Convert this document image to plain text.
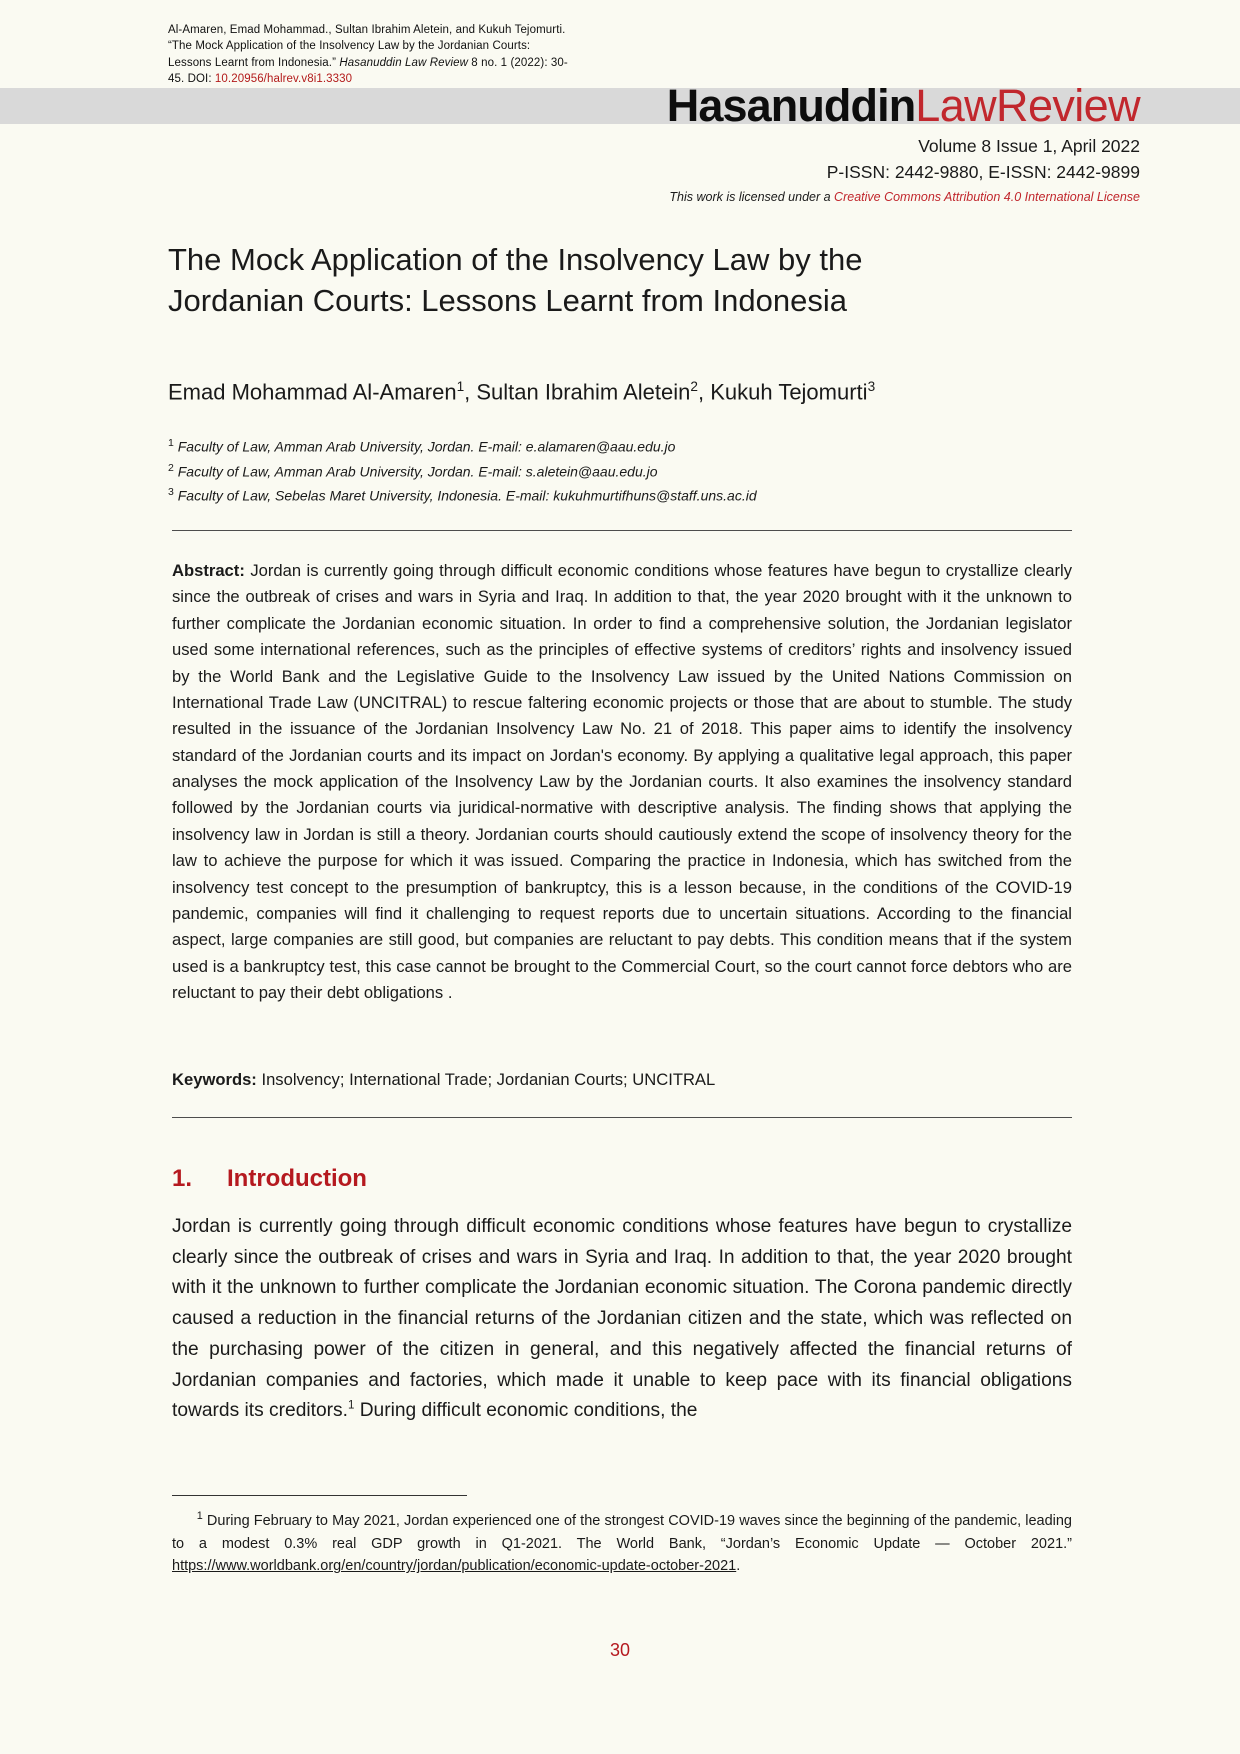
Al-Amaren, Emad Mohammad., Sultan Ibrahim Aletein, and Kukuh Tejomurti.
“The Mock Application of the Insolvency Law by the Jordanian Courts:
Lessons Learnt from Indonesia.” Hasanuddin Law Review 8 no. 1 (2022): 30-
45. DOI: 10.20956/halrev.v8i1.3330
HasanuddinLawReview
Volume 8 Issue 1, April 2022
P-ISSN: 2442-9880, E-ISSN: 2442-9899
This work is licensed under a Creative Commons Attribution 4.0 International License
The Mock Application of the Insolvency Law by the
Jordanian Courts: Lessons Learnt from Indonesia
Emad Mohammad Al-Amaren$^1$, Sultan Ibrahim Aletein$^2$, Kukuh Tejomurti$^3$
$^1$ Faculty of Law, Amman Arab University, Jordan. E-mail: e.alamaren@aau.edu.jo
$^2$ Faculty of Law, Amman Arab University, Jordan. E-mail: s.aletein@aau.edu.jo
$^3$ Faculty of Law, Sebelas Maret University, Indonesia. E-mail: kukuhmurtifhuns@staff.uns.ac.id
Abstract: Jordan is currently going through difficult economic conditions whose features have begun to crystallize clearly since the outbreak of crises and wars in Syria and Iraq. In addition to that, the year 2020 brought with it the unknown to further complicate the Jordanian economic situation. In order to find a comprehensive solution, the Jordanian legislator used some international references, such as the principles of effective systems of creditors’ rights and insolvency issued by the World Bank and the Legislative Guide to the Insolvency Law issued by the United Nations Commission on International Trade Law (UNCITRAL) to rescue faltering economic projects or those that are about to stumble. The study resulted in the issuance of the Jordanian Insolvency Law No. 21 of 2018. This paper aims to identify the insolvency standard of the Jordanian courts and its impact on Jordan's economy. By applying a qualitative legal approach, this paper analyses the mock application of the Insolvency Law by the Jordanian courts. It also examines the insolvency standard followed by the Jordanian courts via juridical-normative with descriptive analysis. The finding shows that applying the insolvency law in Jordan is still a theory. Jordanian courts should cautiously extend the scope of insolvency theory for the law to achieve the purpose for which it was issued. Comparing the practice in Indonesia, which has switched from the insolvency test concept to the presumption of bankruptcy, this is a lesson because, in the conditions of the COVID-19 pandemic, companies will find it challenging to request reports due to uncertain situations. According to the financial aspect, large companies are still good, but companies are reluctant to pay debts. This condition means that if the system used is a bankruptcy test, this case cannot be brought to the Commercial Court, so the court cannot force debtors who are reluctant to pay their debt obligations .
Keywords: Insolvency; International Trade; Jordanian Courts; UNCITRAL
1.	Introduction
Jordan is currently going through difficult economic conditions whose features have begun to crystallize clearly since the outbreak of crises and wars in Syria and Iraq. In addition to that, the year 2020 brought with it the unknown to further complicate the Jordanian economic situation. The Corona pandemic directly caused a reduction in the financial returns of the Jordanian citizen and the state, which was reflected on the purchasing power of the citizen in general, and this negatively affected the financial returns of Jordanian companies and factories, which made it unable to keep pace with its financial obligations towards its creditors.$^1$ During difficult economic conditions, the
$^1$ During February to May 2021, Jordan experienced one of the strongest COVID-19 waves since the beginning of the pandemic, leading to a modest 0.3% real GDP growth in Q1-2021. The World Bank, “Jordan’s Economic Update — October 2021.” https://www.worldbank.org/en/country/jordan/publication/economic-update-october-2021.
30
